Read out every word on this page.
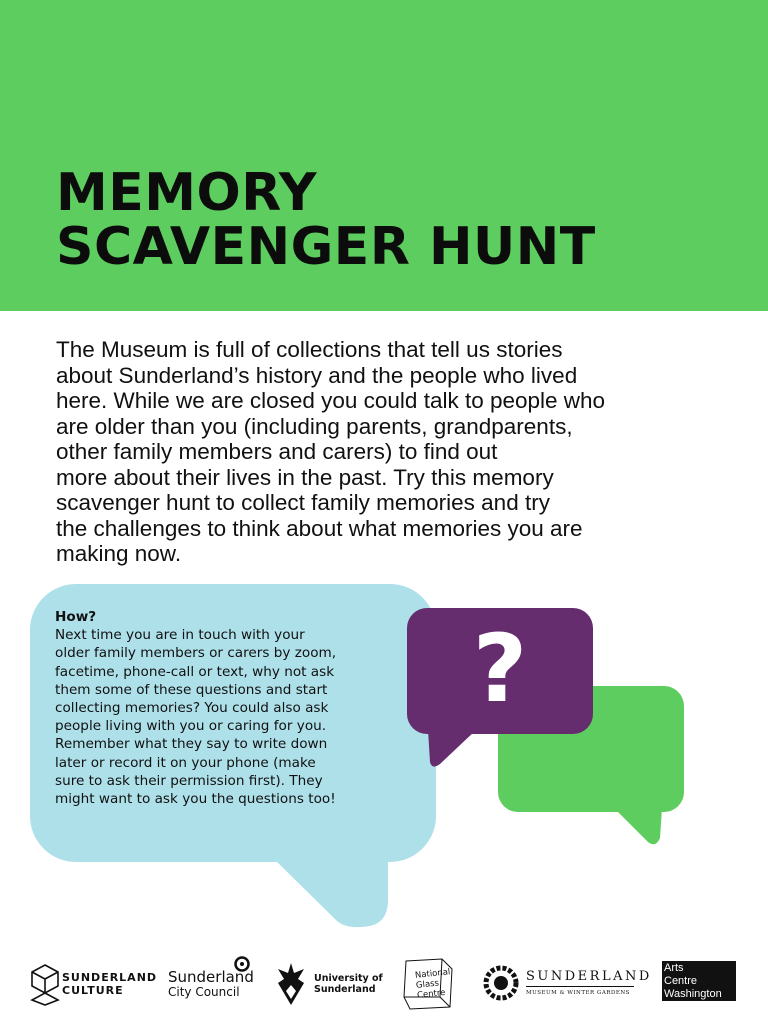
MEMORY
SCAVENGER HUNT
The Museum is full of collections that tell us stories
about Sunderland’s history and the people who lived
here. While we are closed you could talk to people who
are older than you (including parents, grandparents,
other family members and carers) to find out
more about their lives in the past. Try this memory
scavenger hunt to collect family memories and try
the challenges to think about what memories you are
making now.
How?
Next time you are in touch with your
older family members or carers by zoom,
facetime, phone-call or text, why not ask
them some of these questions and start
collecting memories? You could also ask
people living with you or caring for you.
Remember what they say to write down
later or record it on your phone (make
sure to ask their permission first). They
might want to ask you the questions too!
?
SUNDERLAND
CULTURE
Sunderland
City Council
University of
Sunderland
National
Glass
Centre
SUNDERLAND
MUSEUM & WINTER GARDENS
Arts
Centre
Washington
